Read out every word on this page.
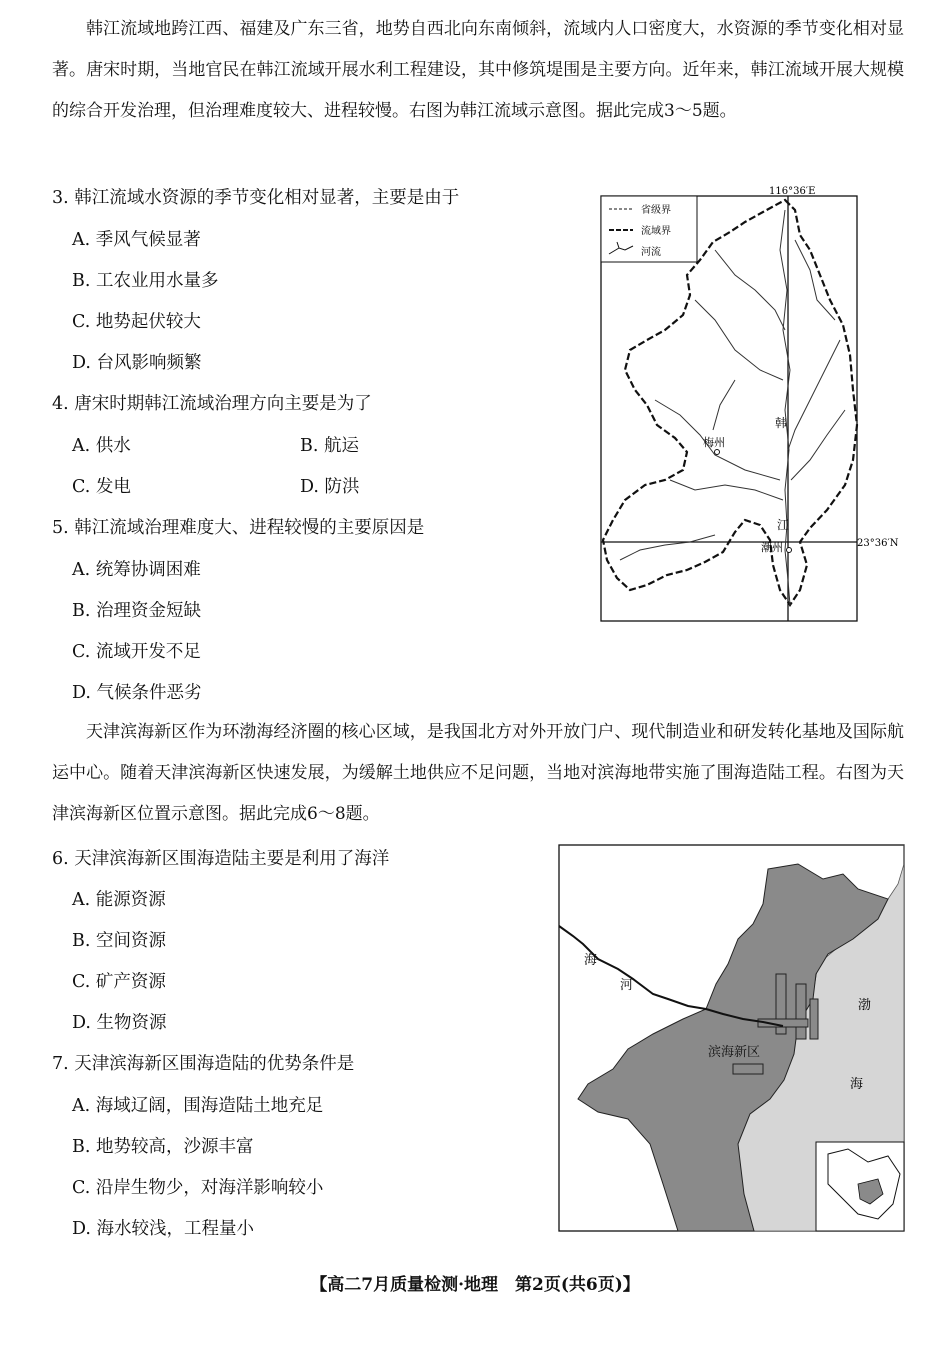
韩江流域地跨江西、福建及广东三省，地势自西北向东南倾斜，流域内人口密度大，水资源的季节变化相对显著。唐宋时期，当地官民在韩江流域开展水利工程建设，其中修筑堤围是主要方向。近年来，韩江流域开展大规模的综合开发治理，但治理难度较大、进程较慢。右图为韩江流域示意图。据此完成3～5题。

3. 韩江流域水资源的季节变化相对显著，主要是由于
A. 季风气候显著
B. 工农业用水量多
C. 地势起伏较大
D. 台风影响频繁
4. 唐宋时期韩江流域治理方向主要是为了
A. 供水	B. 航运
C. 发电	D. 防洪
5. 韩江流域治理难度大、进程较慢的主要原因是
A. 统筹协调困难
B. 治理资金短缺
C. 流域开发不足
D. 气候条件恶劣
116°36′E
23°36′N
省级界
流域界
河流
梅州
潮州
韩
江

天津滨海新区作为环渤海经济圈的核心区域，是我国北方对外开放门户、现代制造业和研发转化基地及国际航运中心。随着天津滨海新区快速发展，为缓解土地供应不足问题，当地对滨海地带实施了围海造陆工程。右图为天津滨海新区位置示意图。据此完成6～8题。

6. 天津滨海新区围海造陆主要是利用了海洋
A. 能源资源
B. 空间资源
C. 矿产资源
D. 生物资源
7. 天津滨海新区围海造陆的优势条件是
A. 海域辽阔，围海造陆土地充足
B. 地势较高，沙源丰富
C. 沿岸生物少，对海洋影响较小
D. 海水较浅，工程量小
海
河
滨海新区
渤
海
【高二7月质量检测·地理　第2页(共6页)】
